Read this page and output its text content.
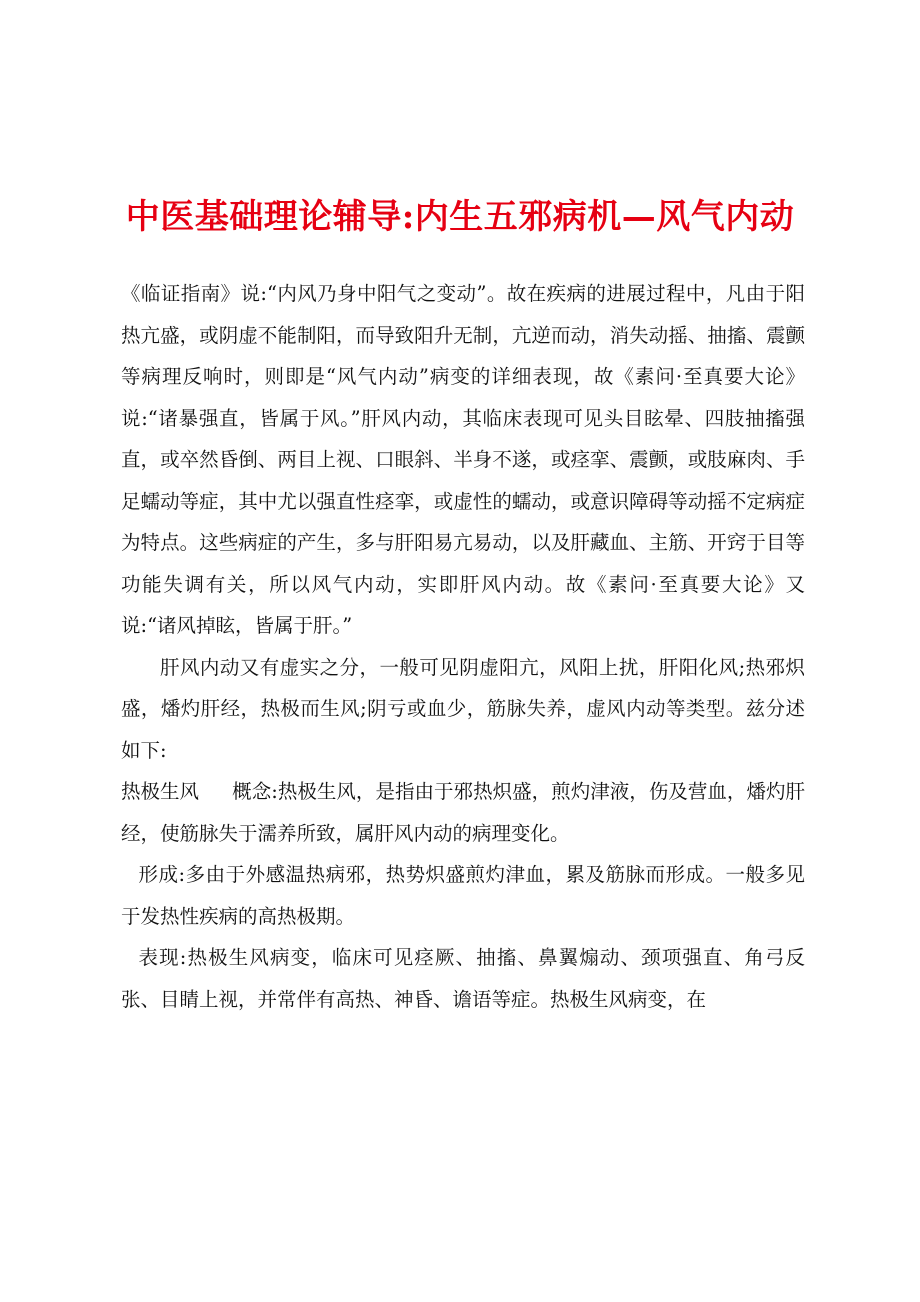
中医基础理论辅导:内生五邪病机—风气内动

《临证指南》说:“内风乃身中阳气之变动”。故在疾病的进展过程中，凡由于阳热亢盛，或阴虚不能制阳，而导致阳升无制，亢逆而动，消失动摇、抽搐、震颤等病理反响时，则即是“风气内动”病变的详细表现，故《素问·至真要大论》说:“诸暴强直，皆属于风。”肝风内动，其临床表现可见头目眩晕、四肢抽搐强直，或卒然昏倒、两目上视、口眼斜、半身不遂，或痉挛、震颤，或肢麻肉、手足蠕动等症，其中尤以强直性痉挛，或虚性的蠕动，或意识障碍等动摇不定病症为特点。这些病症的产生，多与肝阳易亢易动，以及肝藏血、主筋、开窍于目等功能失调有关，所以风气内动，实即肝风内动。故《素问·至真要大论》又说:“诸风掉眩，皆属于肝。”

肝风内动又有虚实之分，一般可见阴虚阳亢，风阳上扰，肝阳化风;热邪炽盛，燔灼肝经，热极而生风;阴亏或血少，筋脉失养，虚风内动等类型。兹分述如下:

热极生风 概念:热极生风，是指由于邪热炽盛，煎灼津液，伤及营血，燔灼肝经，使筋脉失于濡养所致，属肝风内动的病理变化。

形成:多由于外感温热病邪，热势炽盛煎灼津血，累及筋脉而形成。一般多见于发热性疾病的高热极期。

表现:热极生风病变，临床可见痉厥、抽搐、鼻翼煽动、颈项强直、角弓反张、目睛上视，并常伴有高热、神昏、谵语等症。热极生风病变，在
